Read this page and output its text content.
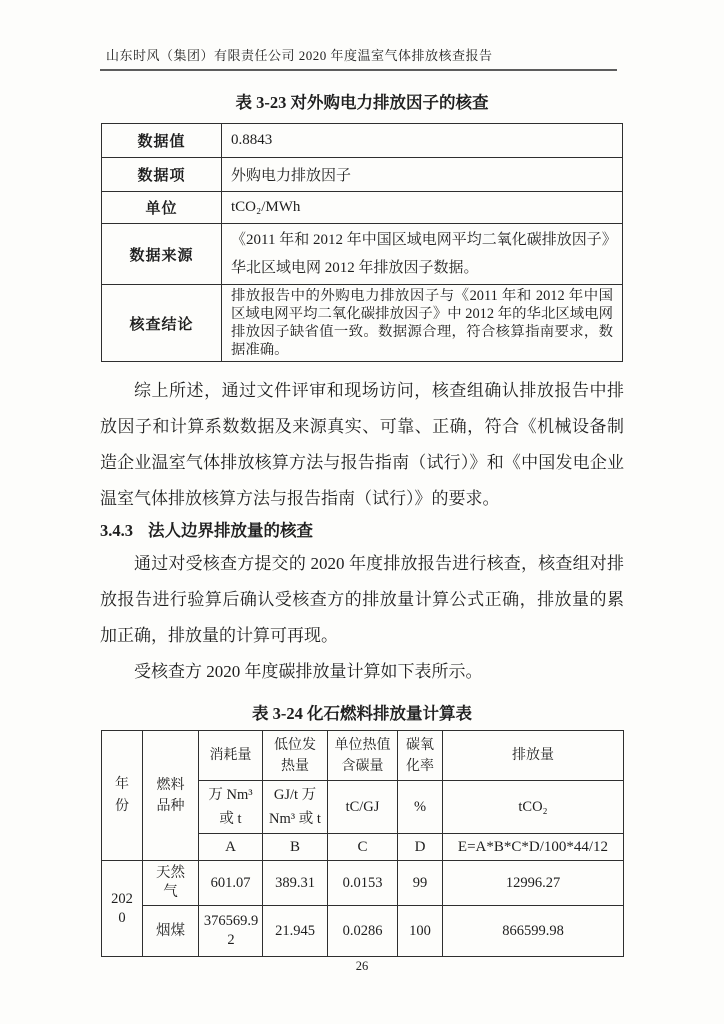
山东时风（集团）有限责任公司 2020 年度温室气体排放核查报告
表 3-23 对外购电力排放因子的核查
数据值	0.8843
数据项	外购电力排放因子
单位	tCO₂/MWh
数据来源	《2011 年和 2012 年中国区域电网平均二氧化碳排放因子》华北区域电网 2012 年排放因子数据。
核查结论	排放报告中的外购电力排放因子与《2011 年和 2012 年中国区域电网平均二氧化碳排放因子》中 2012 年的华北区域电网排放因子缺省值一致。数据源合理，符合核算指南要求，数据准确。

综上所述，通过文件评审和现场访问，核查组确认排放报告中排放因子和计算系数数据及来源真实、可靠、正确，符合《机械设备制造企业温室气体排放核算方法与报告指南（试行）》和《中国发电企业温室气体排放核算方法与报告指南（试行）》的要求。

3.4.3 法人边界排放量的核查

通过对受核查方提交的 2020 年度排放报告进行核查，核查组对排放报告进行验算后确认受核查方的排放量计算公式正确，排放量的累加正确，排放量的计算可再现。

受核查方 2020 年度碳排放量计算如下表所示。

表 3-24 化石燃料排放量计算表
年份	燃料品种	消耗量	低位发热量	单位热值含碳量	碳氧化率	排放量
		万 Nm³ 或 t	GJ/t 万 Nm³ 或 t	tC/GJ	%	tCO₂
		A	B	C	D	E=A*B*C*D/100*44/12

2020	天然气	601.07	389.31	0.0153	99	12996.27

	烟煤	376569.92	21.945	0.0286	100	866599.98
26
